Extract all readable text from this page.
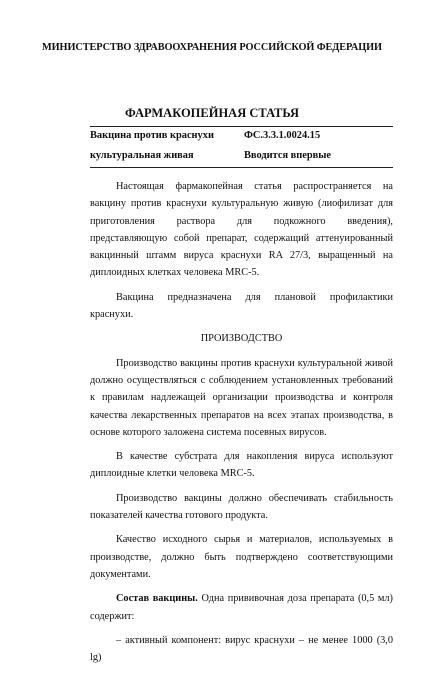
МИНИСТЕРСТВО ЗДРАВООХРАНЕНИЯ РОССИЙСКОЙ ФЕДЕРАЦИИ
ФАРМАКОПЕЙНАЯ СТАТЬЯ
Вакцина против краснухи
культуральная живая
ФС.3.3.1.0024.15
Вводится впервые

Настоящая фармакопейная статья распространяется на вакцину против краснухи культуральную живую (лиофилизат для приготовления раствора для подкожного введения), представляющую собой препарат, содержащий аттенуированный вакцинный штамм вируса краснухи RA 27/3, выращенный на диплоидных клетках человека MRC-5.

Вакцина предназначена для плановой профилактики краснухи.

ПРОИЗВОДСТВО

Производство вакцины против краснухи культуральной живой должно осуществляться с соблюдением установленных требований к правилам надлежащей организации производства и контроля качества лекарственных препаратов на всех этапах производства, в основе которого заложена система посевных вирусов.

В качестве субстрата для накопления вируса используют диплоидные клетки человека MRC-5.

Производство вакцины должно обеспечивать стабильность показателей качества готового продукта.

Качество исходного сырья и материалов, используемых в производстве, должно быть подтверждено соответствующими документами.

Состав вакцины. Одна прививочная доза препарата (0,5 мл) содержит:

– активный компонент: вирус краснухи – не менее 1000 (3,0 lg)
